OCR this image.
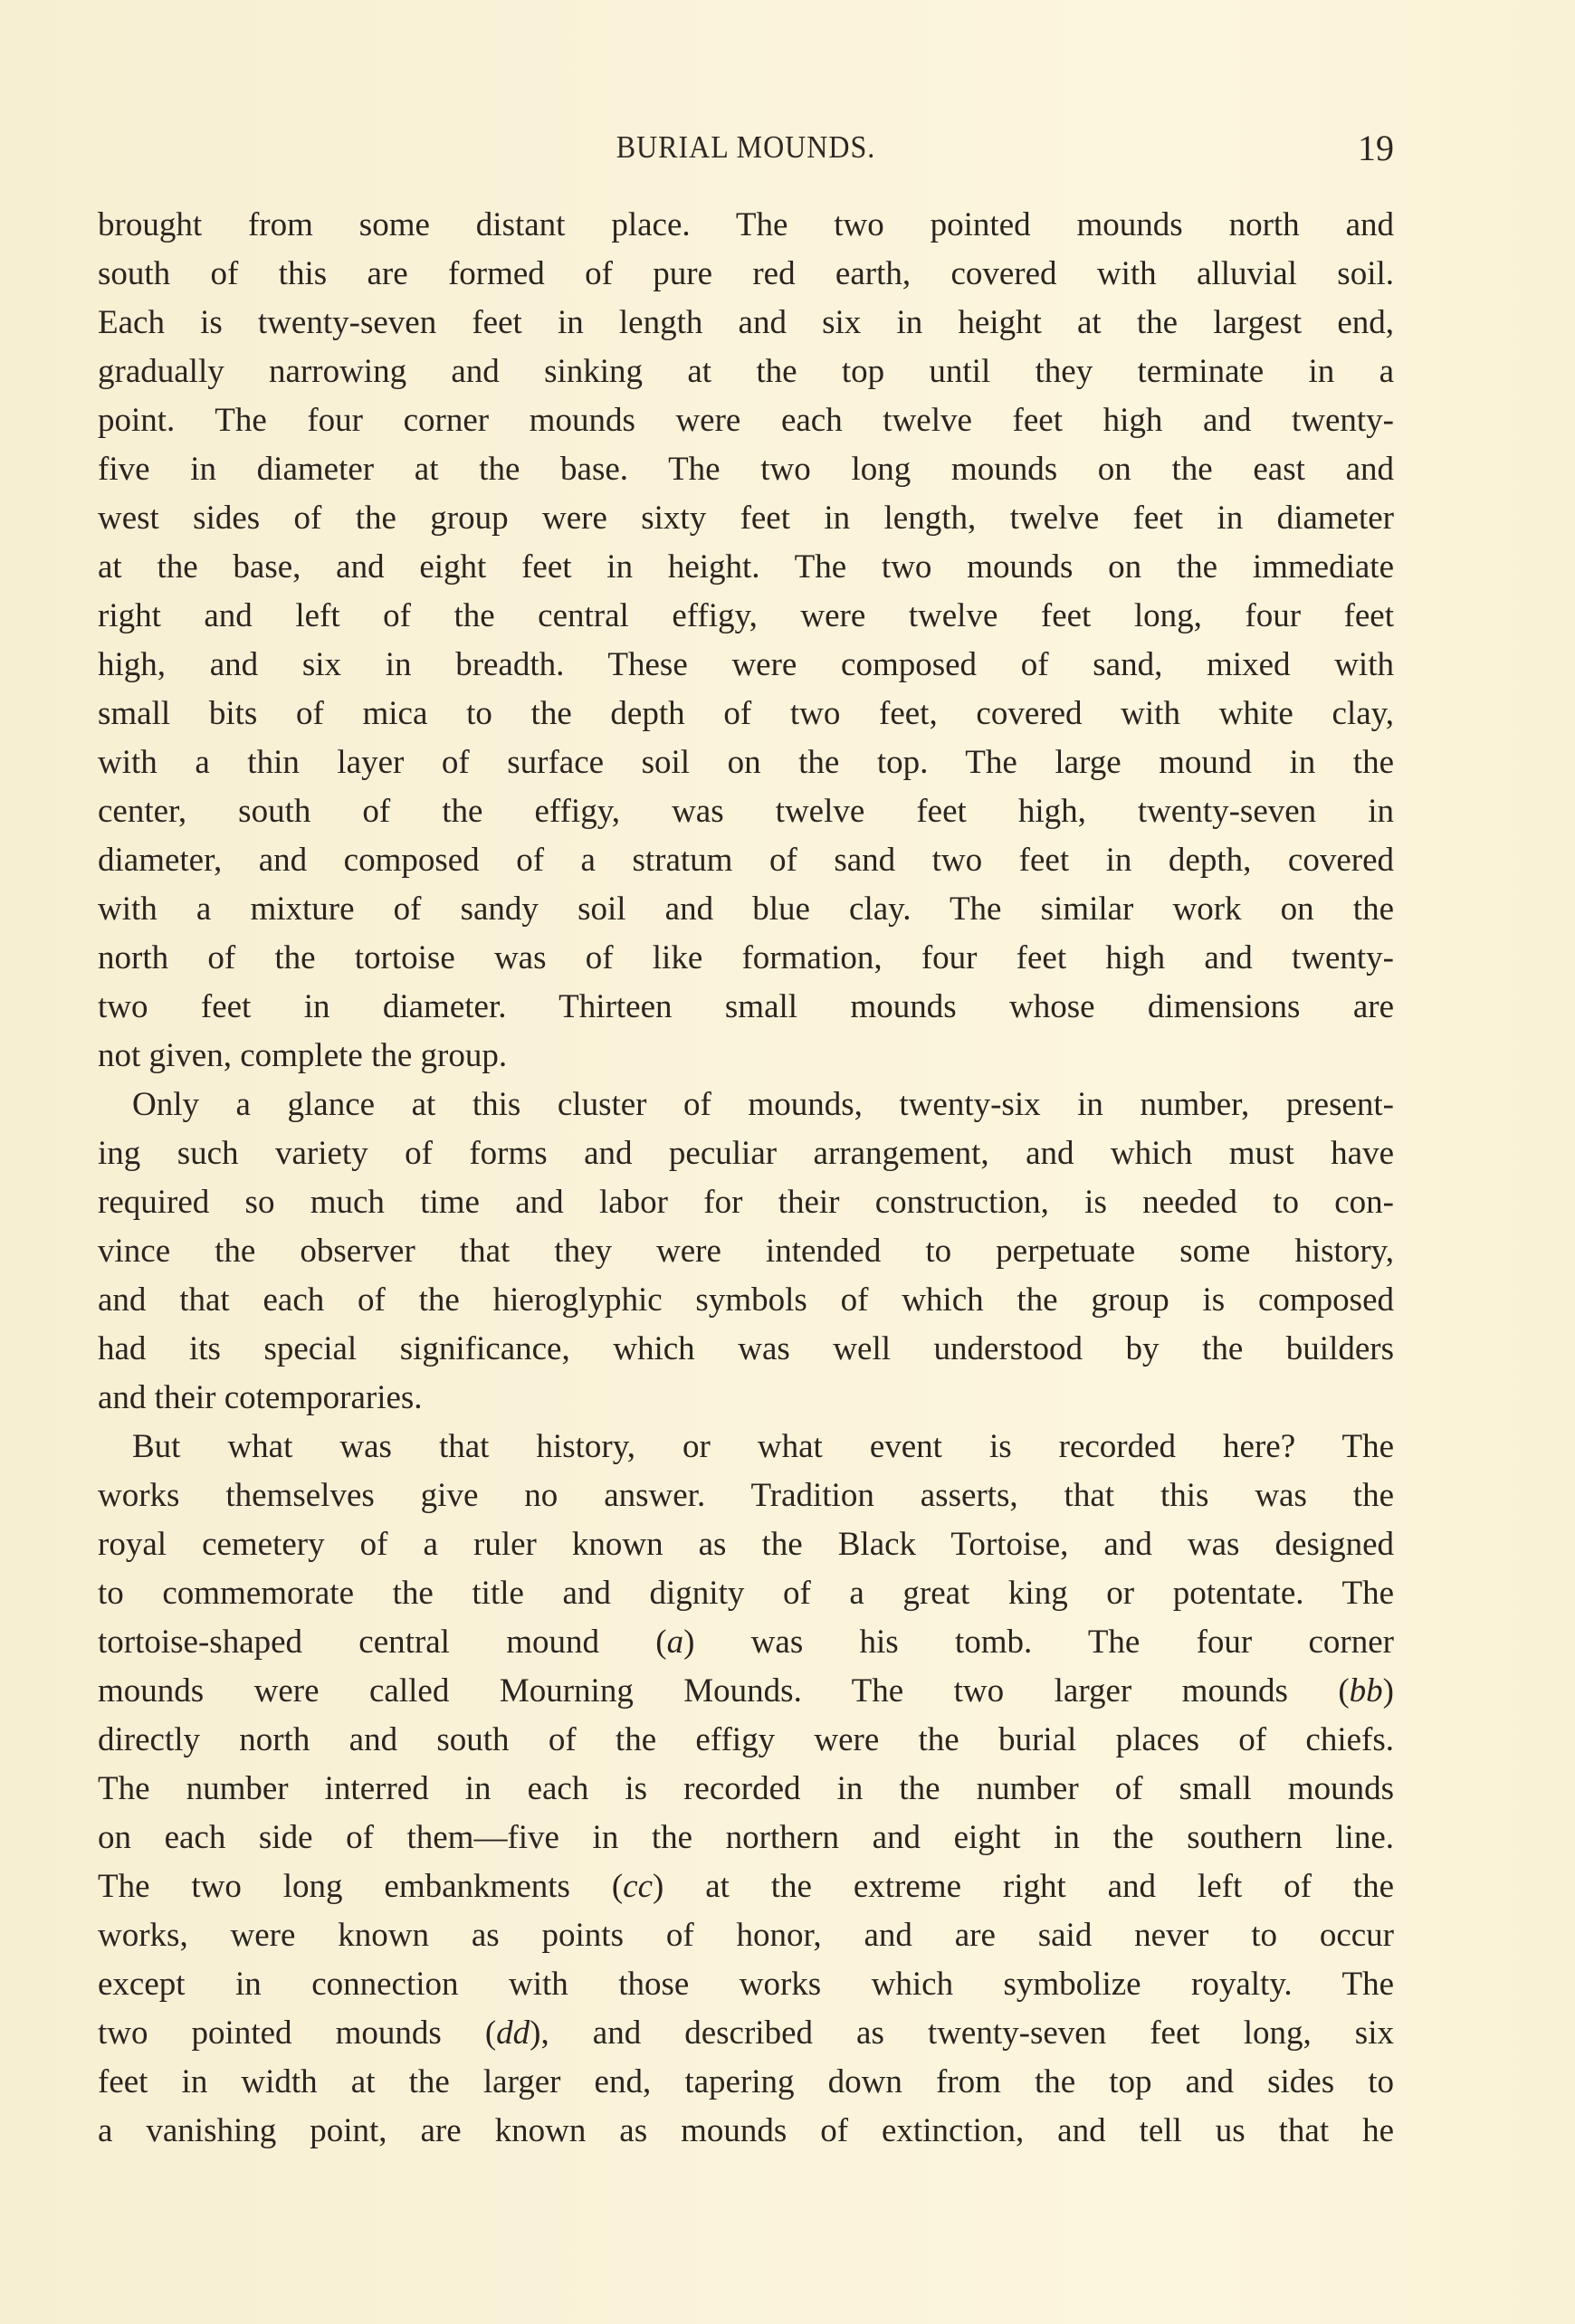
BURIAL MOUNDS.	19
brought from some distant place. The two pointed mounds north and
south of this are formed of pure red earth, covered with alluvial soil.
Each is twenty-seven feet in length and six in height at the largest end,
gradually narrowing and sinking at the top until they terminate in a
point. The four corner mounds were each twelve feet high and twenty-
five in diameter at the base. The two long mounds on the east and
west sides of the group were sixty feet in length, twelve feet in diameter
at the base, and eight feet in height. The two mounds on the immediate
right and left of the central effigy, were twelve feet long, four feet
high, and six in breadth. These were composed of sand, mixed with
small bits of mica to the depth of two feet, covered with white clay,
with a thin layer of surface soil on the top. The large mound in the
center, south of the effigy, was twelve feet high, twenty-seven in
diameter, and composed of a stratum of sand two feet in depth, covered
with a mixture of sandy soil and blue clay. The similar work on the
north of the tortoise was of like formation, four feet high and twenty-
two feet in diameter. Thirteen small mounds whose dimensions are
not given, complete the group.
Only a glance at this cluster of mounds, twenty-six in number, present-
ing such variety of forms and peculiar arrangement, and which must have
required so much time and labor for their construction, is needed to con-
vince the observer that they were intended to perpetuate some history,
and that each of the hieroglyphic symbols of which the group is composed
had its special significance, which was well understood by the builders
and their cotemporaries.
But what was that history, or what event is recorded here? The
works themselves give no answer. Tradition asserts, that this was the
royal cemetery of a ruler known as the Black Tortoise, and was designed
to commemorate the title and dignity of a great king or potentate. The
tortoise-shaped central mound (a) was his tomb. The four corner
mounds were called Mourning Mounds. The two larger mounds (bb)
directly north and south of the effigy were the burial places of chiefs.
The number interred in each is recorded in the number of small mounds
on each side of them—five in the northern and eight in the southern line.
The two long embankments (cc) at the extreme right and left of the
works, were known as points of honor, and are said never to occur
except in connection with those works which symbolize royalty. The
two pointed mounds (dd), and described as twenty-seven feet long, six
feet in width at the larger end, tapering down from the top and sides to
a vanishing point, are known as mounds of extinction, and tell us that he
